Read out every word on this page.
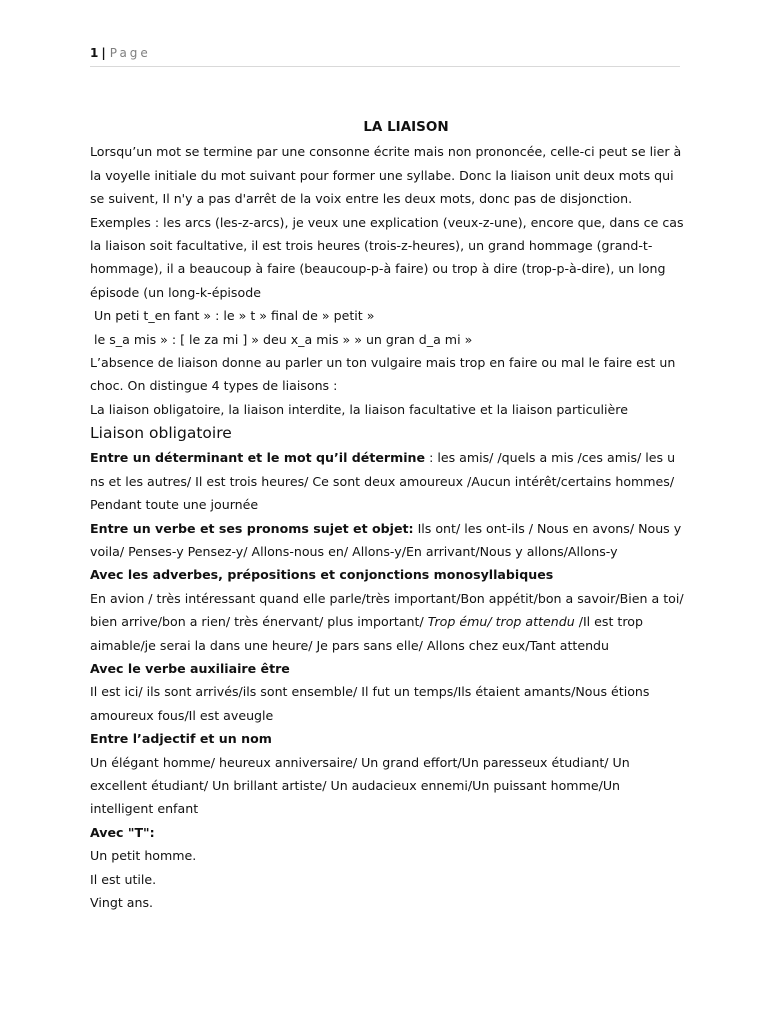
1 | Page

LA LIAISON

Lorsqu’un mot se termine par une consonne écrite mais non prononcée, celle-ci peut se lier à la voyelle initiale du mot suivant pour former une syllabe. Donc la liaison unit deux mots qui se suivent, Il n'y a pas d'arrêt de la voix entre les deux mots, donc pas de disjonction. Exemples : les arcs (les-z-arcs), je veux une explication (veux-z-une), encore que, dans ce cas la liaison soit facultative, il est trois heures (trois-z-heures), un grand hommage (grand-t-hommage), il a beaucoup à faire (beaucoup-p-à faire) ou trop à dire (trop-p-à-dire), un long épisode (un long-k-épisode

Un peti t_en fant » : le » t » final de » petit »

le s_a mis » : [ le za mi ] » deu x_a mis » » un gran d_a mi »

L’absence de liaison donne au parler un ton vulgaire mais trop en faire ou mal le faire est un choc. On distingue 4 types de liaisons :

La liaison obligatoire, la liaison interdite, la liaison facultative et la liaison particulière

Liaison obligatoire

Entre un déterminant et le mot qu’il détermine : les amis/ /quels a mis /ces amis/ les u ns et les autres/ Il est trois heures/ Ce sont deux amoureux /Aucun intérêt/certains hommes/ Pendant toute une journée

Entre un verbe et ses pronoms sujet et objet: Ils ont/ les ont-ils / Nous en avons/ Nous y voila/ Penses-y Pensez-y/ Allons-nous en/ Allons-y/En arrivant/Nous y allons/Allons-y

Avec les adverbes, prépositions et conjonctions monosyllabiques

En avion / très intéressant quand elle parle/très important/Bon appétit/bon a savoir/Bien a toi/ bien arrive/bon a rien/ très énervant/ plus important/ Trop ému/ trop attendu /Il est trop aimable/je serai la dans une heure/ Je pars sans elle/ Allons chez eux/Tant attendu

Avec le verbe auxiliaire être

Il est ici/ ils sont arrivés/ils sont ensemble/ Il fut un temps/Ils étaient amants/Nous étions amoureux fous/Il est aveugle

Entre l’adjectif et un nom

Un élégant homme/ heureux anniversaire/ Un grand effort/Un paresseux étudiant/ Un excellent étudiant/ Un brillant artiste/ Un audacieux ennemi/Un puissant homme/Un intelligent enfant

Avec "T":

Un petit homme.

Il est utile.

Vingt ans.
